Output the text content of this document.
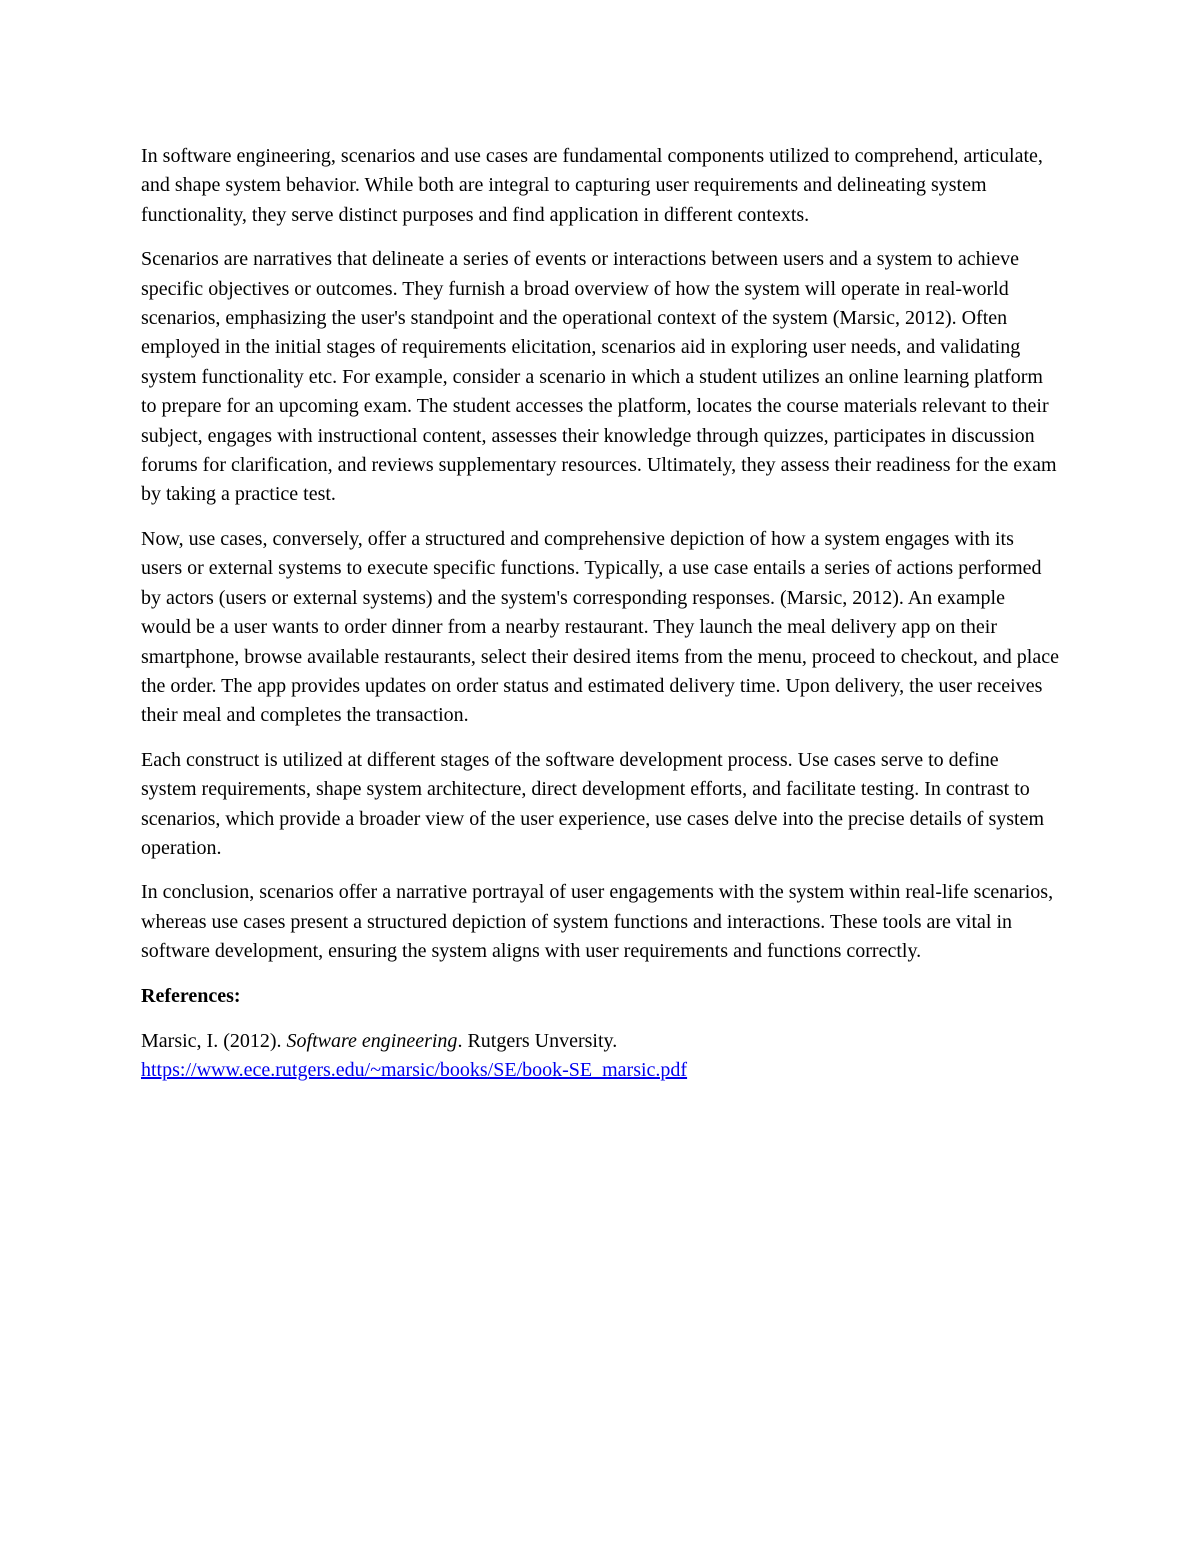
In software engineering, scenarios and use cases are fundamental components utilized to comprehend, articulate, and shape system behavior. While both are integral to capturing user requirements and delineating system functionality, they serve distinct purposes and find application in different contexts.

Scenarios are narratives that delineate a series of events or interactions between users and a system to achieve specific objectives or outcomes. They furnish a broad overview of how the system will operate in real-world scenarios, emphasizing the user's standpoint and the operational context of the system (Marsic, 2012). Often employed in the initial stages of requirements elicitation, scenarios aid in exploring user needs, and validating system functionality etc. For example, consider a scenario in which a student utilizes an online learning platform to prepare for an upcoming exam. The student accesses the platform, locates the course materials relevant to their subject, engages with instructional content, assesses their knowledge through quizzes, participates in discussion forums for clarification, and reviews supplementary resources. Ultimately, they assess their readiness for the exam by taking a practice test.

Now, use cases, conversely, offer a structured and comprehensive depiction of how a system engages with its users or external systems to execute specific functions. Typically, a use case entails a series of actions performed by actors (users or external systems) and the system's corresponding responses. (Marsic, 2012). An example would be a user wants to order dinner from a nearby restaurant. They launch the meal delivery app on their smartphone, browse available restaurants, select their desired items from the menu, proceed to checkout, and place the order. The app provides updates on order status and estimated delivery time. Upon delivery, the user receives their meal and completes the transaction.

Each construct is utilized at different stages of the software development process. Use cases serve to define system requirements, shape system architecture, direct development efforts, and facilitate testing. In contrast to scenarios, which provide a broader view of the user experience, use cases delve into the precise details of system operation.

In conclusion, scenarios offer a narrative portrayal of user engagements with the system within real-life scenarios, whereas use cases present a structured depiction of system functions and interactions. These tools are vital in software development, ensuring the system aligns with user requirements and functions correctly.

References:

Marsic, I. (2012). Software engineering. Rutgers Unversity.
https://www.ece.rutgers.edu/~marsic/books/SE/book-SE_marsic.pdf
